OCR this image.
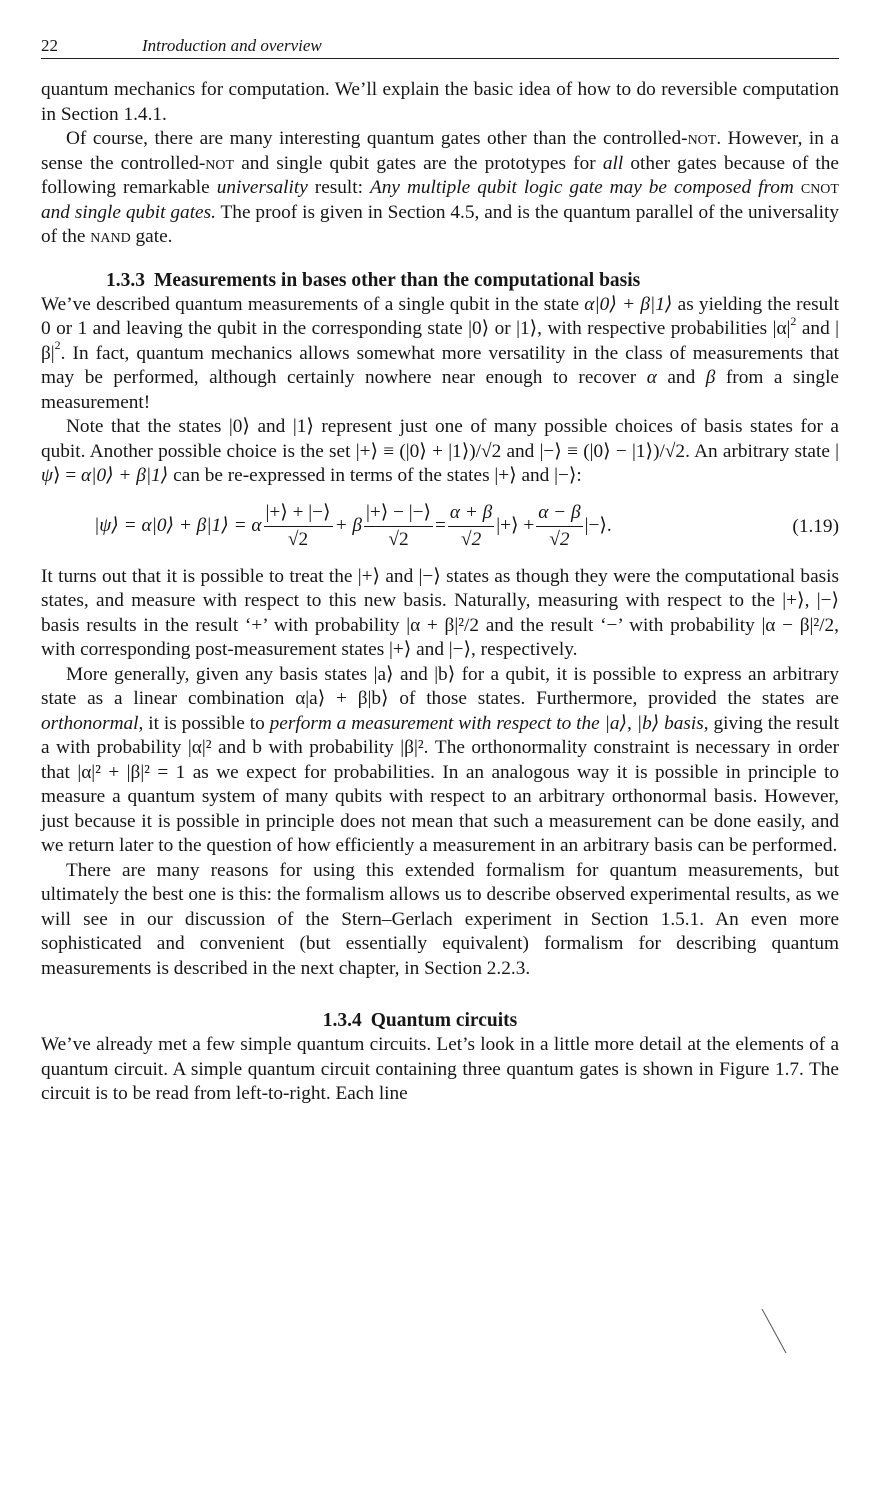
22	Introduction and overview

quantum mechanics for computation. We’ll explain the basic idea of how to do reversible computation in Section 1.4.1.

Of course, there are many interesting quantum gates other than the controlled-not. However, in a sense the controlled-not and single qubit gates are the prototypes for all other gates because of the following remarkable universality result: Any multiple qubit logic gate may be composed from cnot and single qubit gates. The proof is given in Section 4.5, and is the quantum parallel of the universality of the nand gate.

1.3.3 Measurements in bases other than the computational basis

We’ve described quantum measurements of a single qubit in the state α|0⟩ + β|1⟩ as yielding the result 0 or 1 and leaving the qubit in the corresponding state |0⟩ or |1⟩, with respective probabilities $|\alpha|^2$ and $|\beta|^2$. In fact, quantum mechanics allows somewhat more versatility in the class of measurements that may be performed, although certainly nowhere near enough to recover α and β from a single measurement!

Note that the states |0⟩ and |1⟩ represent just one of many possible choices of basis states for a qubit. Another possible choice is the set |+⟩ ≡ (|0⟩ + |1⟩)/√2 and |−⟩ ≡ (|0⟩ − |1⟩)/√2. An arbitrary state |ψ⟩ = α|0⟩ + β|1⟩ can be re-expressed in terms of the states |+⟩ and |−⟩:

|ψ⟩ = α|0⟩ + β|1⟩ = α $\frac{|+⟩ + |-⟩}{√2} + \beta \frac{|+⟩ - |-⟩}{√2} = \frac{\alpha + \beta}{√2}$ |+⟩ + $\frac{\alpha - \beta}{√2}$ |−⟩.	(1.19)

It turns out that it is possible to treat the |+⟩ and |−⟩ states as though they were the computational basis states, and measure with respect to this new basis. Naturally, measuring with respect to the |+⟩, |−⟩ basis results in the result ‘+’ with probability |α + β|²/2 and the result ‘−’ with probability |α − β|²/2, with corresponding post-measurement states |+⟩ and |−⟩, respectively.

More generally, given any basis states |a⟩ and |b⟩ for a qubit, it is possible to express an arbitrary state as a linear combination α|a⟩ + β|b⟩ of those states. Furthermore, provided the states are orthonormal, it is possible to perform a measurement with respect to the |a⟩, |b⟩ basis, giving the result a with probability |α|² and b with probability |β|². The orthonormality constraint is necessary in order that |α|² + |β|² = 1 as we expect for probabilities. In an analogous way it is possible in principle to measure a quantum system of many qubits with respect to an arbitrary orthonormal basis. However, just because it is possible in principle does not mean that such a measurement can be done easily, and we return later to the question of how efficiently a measurement in an arbitrary basis can be performed.

There are many reasons for using this extended formalism for quantum measurements, but ultimately the best one is this: the formalism allows us to describe observed experimental results, as we will see in our discussion of the Stern–Gerlach experiment in Section 1.5.1. An even more sophisticated and convenient (but essentially equivalent) formalism for describing quantum measurements is described in the next chapter, in Section 2.2.3.

1.3.4 Quantum circuits

We’ve already met a few simple quantum circuits. Let’s look in a little more detail at the elements of a quantum circuit. A simple quantum circuit containing three quantum gates is shown in Figure 1.7. The circuit is to be read from left-to-right. Each line
